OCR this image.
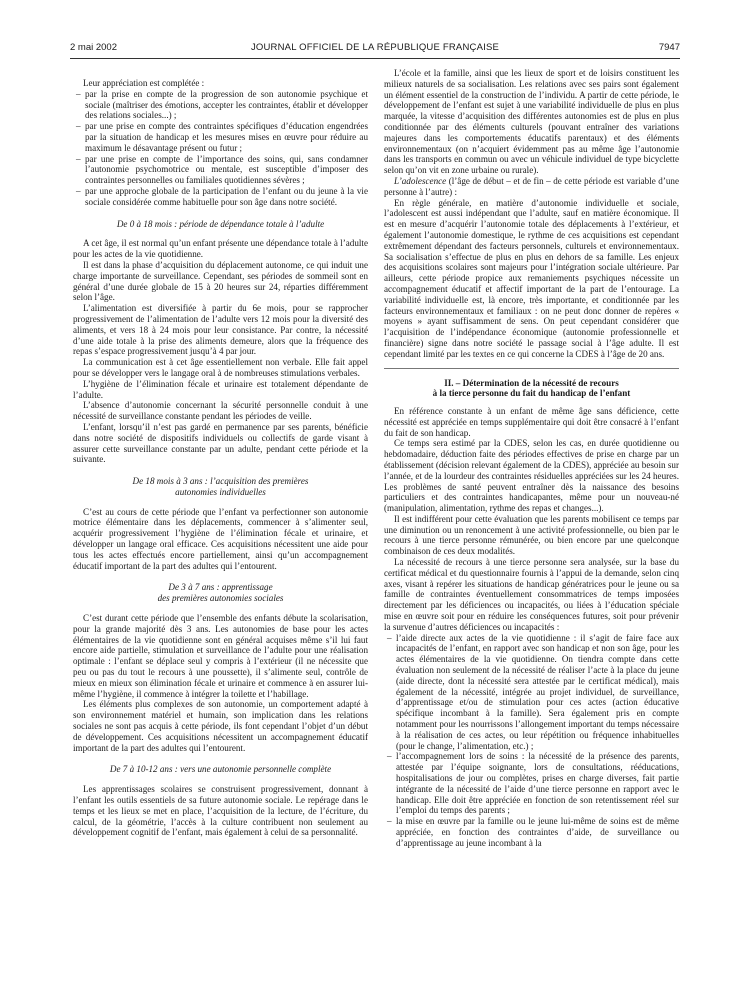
2 mai 2002	JOURNAL OFFICIEL DE LA RÉPUBLIQUE FRANÇAISE	7947

Leur appréciation est complétée :

– par la prise en compte de la progression de son autonomie psychique et sociale (maîtriser des émotions, accepter les contraintes, établir et développer des relations sociales...) ;
– par une prise en compte des contraintes spécifiques d’éducation engendrées par la situation de handicap et les mesures mises en œuvre pour réduire au maximum le désavantage présent ou futur ;
– par une prise en compte de l’importance des soins, qui, sans condamner l’autonomie psychomotrice ou mentale, est susceptible d’imposer des contraintes personnelles ou familiales quotidiennes sévères ;
– par une approche globale de la participation de l’enfant ou du jeune à la vie sociale considérée comme habituelle pour son âge dans notre société.
De 0 à 18 mois : période de dépendance totale à l’adulte

A cet âge, il est normal qu’un enfant présente une dépendance totale à l’adulte pour les actes de la vie quotidienne.

Il est dans la phase d’acquisition du déplacement autonome, ce qui induit une charge importante de surveillance. Cependant, ses périodes de sommeil sont en général d’une durée globale de 15 à 20 heures sur 24, réparties différemment selon l’âge.

L’alimentation est diversifiée à partir du 6e mois, pour se rapprocher progressivement de l’alimentation de l’adulte vers 12 mois pour la diversité des aliments, et vers 18 à 24 mois pour leur consistance. Par contre, la nécessité d’une aide totale à la prise des aliments demeure, alors que la fréquence des repas s’espace progressivement jusqu’à 4 par jour.

La communication est à cet âge essentiellement non verbale. Elle fait appel pour se développer vers le langage oral à de nombreuses stimulations verbales.

L’hygiène de l’élimination fécale et urinaire est totalement dépendante de l’adulte.

L’absence d’autonomie concernant la sécurité personnelle conduit à une nécessité de surveillance constante pendant les périodes de veille.

L’enfant, lorsqu’il n’est pas gardé en permanence par ses parents, bénéficie dans notre société de dispositifs individuels ou collectifs de garde visant à assurer cette surveillance constante par un adulte, pendant cette période et la suivante.

De 18 mois à 3 ans : l’acquisition des premières
autonomies individuelles

C’est au cours de cette période que l’enfant va perfectionner son autonomie motrice élémentaire dans les déplacements, commencer à s’alimenter seul, acquérir progressivement l’hygiène de l’élimination fécale et urinaire, et développer un langage oral efficace. Ces acquisitions nécessitent une aide pour tous les actes effectués encore partiellement, ainsi qu’un accompagnement éducatif important de la part des adultes qui l’entourent.

De 3 à 7 ans : apprentissage
des premières autonomies sociales

C’est durant cette période que l’ensemble des enfants débute la scolarisation, pour la grande majorité dès 3 ans. Les autonomies de base pour les actes élémentaires de la vie quotidienne sont en général acquises même s’il lui faut encore aide partielle, stimulation et surveillance de l’adulte pour une réalisation optimale : l’enfant se déplace seul y compris à l’extérieur (il ne nécessite que peu ou pas du tout le recours à une poussette), il s’alimente seul, contrôle de mieux en mieux son élimination fécale et urinaire et commence à en assurer lui-même l’hygiène, il commence à intégrer la toilette et l’habillage.

Les éléments plus complexes de son autonomie, un comportement adapté à son environnement matériel et humain, son implication dans les relations sociales ne sont pas acquis à cette période, ils font cependant l’objet d’un début de développement. Ces acquisitions nécessitent un accompagnement éducatif important de la part des adultes qui l’entourent.

De 7 à 10-12 ans : vers une autonomie personnelle complète

Les apprentissages scolaires se construisent progressivement, donnant à l’enfant les outils essentiels de sa future autonomie sociale. Le repérage dans le temps et les lieux se met en place, l’acquisition de la lecture, de l’écriture, du calcul, de la géométrie, l’accès à la culture contribuent non seulement au développement cognitif de l’enfant, mais également à celui de sa personnalité.

L’école et la famille, ainsi que les lieux de sport et de loisirs constituent les milieux naturels de sa socialisation. Les relations avec ses pairs sont également un élément essentiel de la construction de l’individu. A partir de cette période, le développement de l’enfant est sujet à une variabilité individuelle de plus en plus marquée, la vitesse d’acquisition des différentes autonomies est de plus en plus conditionnée par des éléments culturels (pouvant entraîner des variations majeures dans les comportements éducatifs parentaux) et des éléments environnementaux (on n’acquiert évidemment pas au même âge l’autonomie dans les transports en commun ou avec un véhicule individuel de type bicyclette selon qu’on vit en zone urbaine ou rurale).

L’adolescence (l’âge de début – et de fin – de cette période est variable d’une personne à l’autre) :

En règle générale, en matière d’autonomie individuelle et sociale, l’adolescent est aussi indépendant que l’adulte, sauf en matière économique. Il est en mesure d’acquérir l’autonomie totale des déplacements à l’extérieur, et également l’autonomie domestique, le rythme de ces acquisitions est cependant extrêmement dépendant des facteurs personnels, culturels et environnementaux. Sa socialisation s’effectue de plus en plus en dehors de sa famille. Les enjeux des acquisitions scolaires sont majeurs pour l’intégration sociale ultérieure. Par ailleurs, cette période propice aux remaniements psychiques nécessite un accompagnement éducatif et affectif important de la part de l’entourage. La variabilité individuelle est, là encore, très importante, et conditionnée par les facteurs environnementaux et familiaux : on ne peut donc donner de repères « moyens » ayant suffisamment de sens. On peut cependant considérer que l’acquisition de l’indépendance économique (autonomie professionnelle et financière) signe dans notre société le passage social à l’âge adulte. Il est cependant limité par les textes en ce qui concerne la CDES à l’âge de 20 ans.

II. – Détermination de la nécessité de recours
à la tierce personne du fait du handicap de l’enfant

En référence constante à un enfant de même âge sans déficience, cette nécessité est appréciée en temps supplémentaire qui doit être consacré à l’enfant du fait de son handicap.

Ce temps sera estimé par la CDES, selon les cas, en durée quotidienne ou hebdomadaire, déduction faite des périodes effectives de prise en charge par un établissement (décision relevant également de la CDES), appréciée au besoin sur l’année, et de la lourdeur des contraintes résiduelles appréciées sur les 24 heures. Les problèmes de santé peuvent entraîner dès la naissance des besoins particuliers et des contraintes handicapantes, même pour un nouveau-né (manipulation, alimentation, rythme des repas et changes...).

Il est indifférent pour cette évaluation que les parents mobilisent ce temps par une diminution ou un renoncement à une activité professionnelle, ou bien par le recours à une tierce personne rémunérée, ou bien encore par une quelconque combinaison de ces deux modalités.

La nécessité de recours à une tierce personne sera analysée, sur la base du certificat médical et du questionnaire fournis à l’appui de la demande, selon cinq axes, visant à repérer les situations de handicap génératrices pour le jeune ou sa famille de contraintes éventuellement consommatrices de temps imposées directement par les déficiences ou incapacités, ou liées à l’éducation spéciale mise en œuvre soit pour en réduire les conséquences futures, soit pour prévenir la survenue d’autres déficiences ou incapacités :

– l’aide directe aux actes de la vie quotidienne : il s’agit de faire face aux incapacités de l’enfant, en rapport avec son handicap et non son âge, pour les actes élémentaires de la vie quotidienne. On tiendra compte dans cette évaluation non seulement de la nécessité de réaliser l’acte à la place du jeune (aide directe, dont la nécessité sera attestée par le certificat médical), mais également de la nécessité, intégrée au projet individuel, de surveillance, d’apprentissage et/ou de stimulation pour ces actes (action éducative spécifique incombant à la famille). Sera également pris en compte notamment pour les nourrissons l’allongement important du temps nécessaire à la réalisation de ces actes, ou leur répétition ou fréquence inhabituelles (pour le change, l’alimentation, etc.) ;
– l’accompagnement lors de soins : la nécessité de la présence des parents, attestée par l’équipe soignante, lors de consultations, rééducations, hospitalisations de jour ou complètes, prises en charge diverses, fait partie intégrante de la nécessité de l’aide d’une tierce personne en rapport avec le handicap. Elle doit être appréciée en fonction de son retentissement réel sur l’emploi du temps des parents ;
– la mise en œuvre par la famille ou le jeune lui-même de soins est de même appréciée, en fonction des contraintes d’aide, de surveillance ou d’apprentissage au jeune incombant à la
